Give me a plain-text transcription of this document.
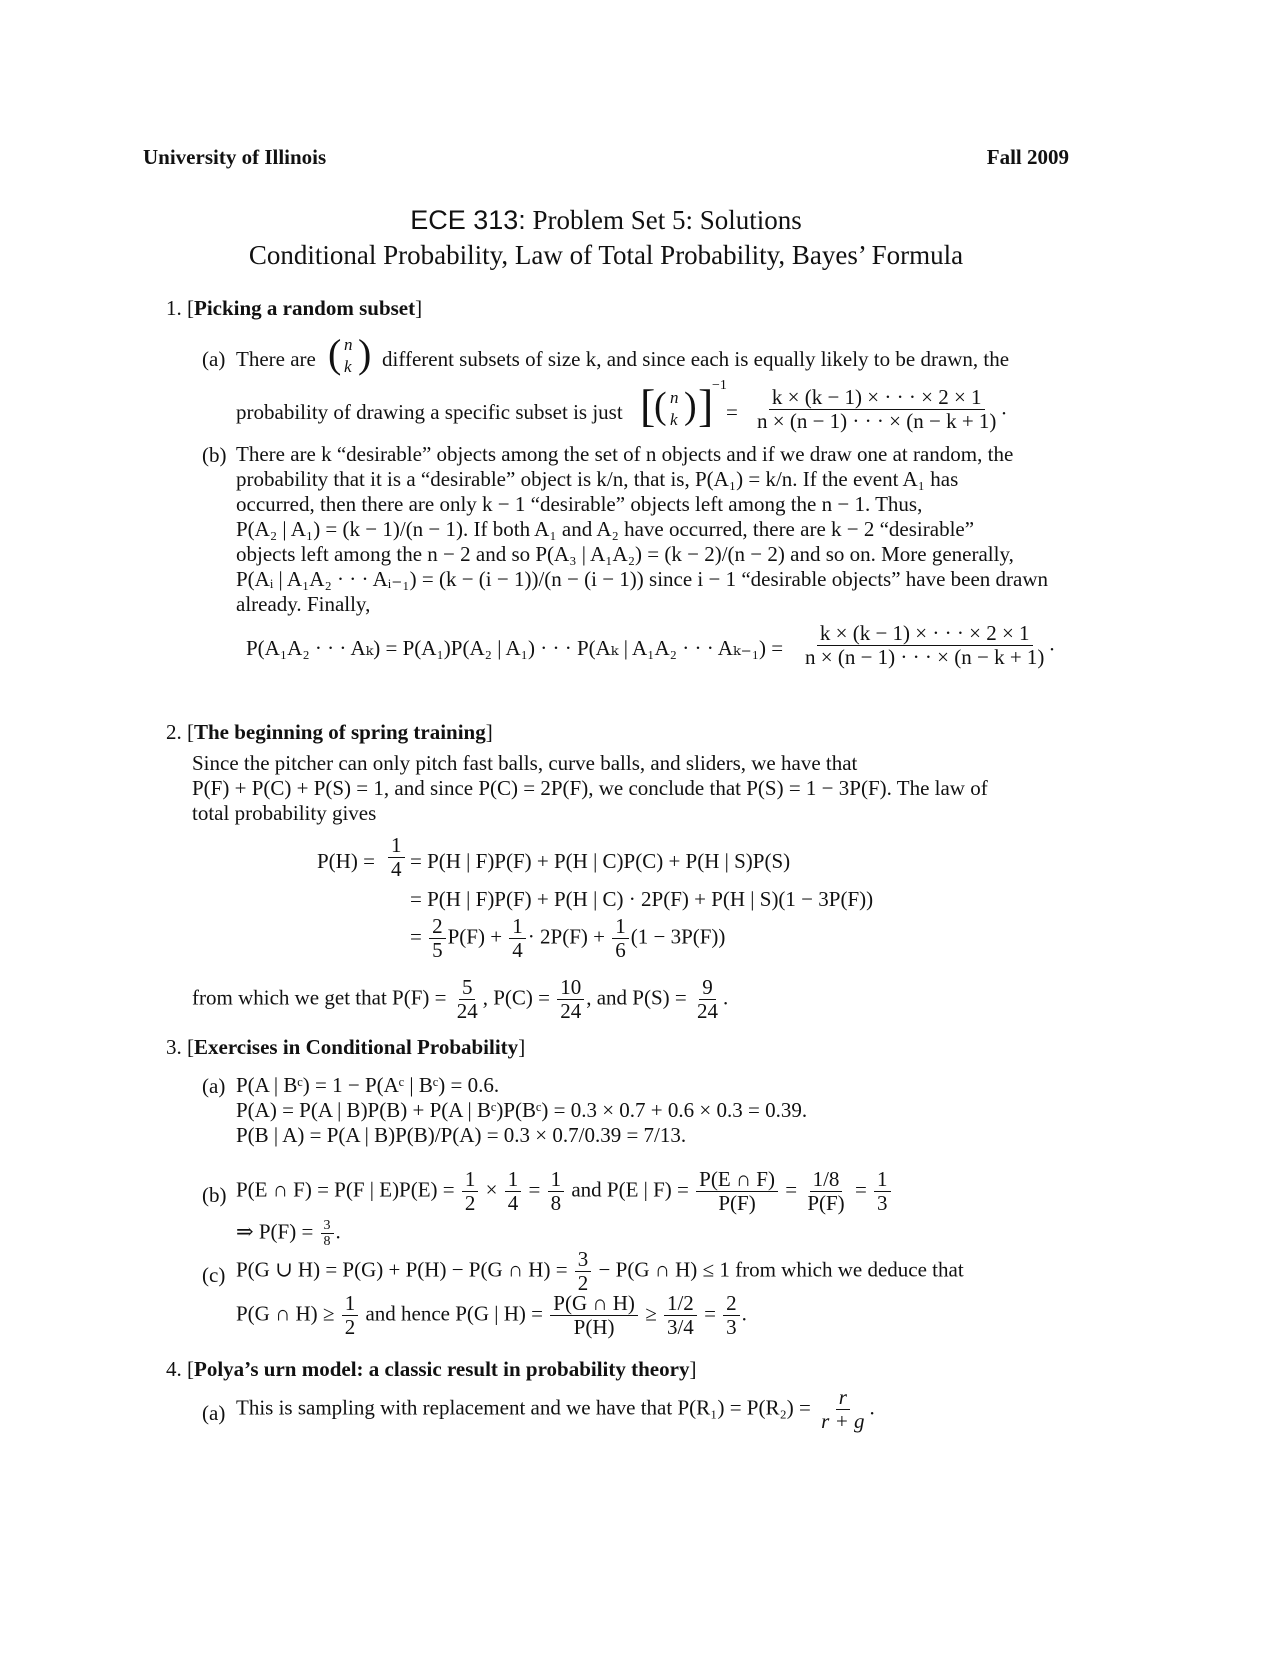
University of Illinois	Fall 2009
ECE 313: Problem Set 5: Solutions
Conditional Probability, Law of Total Probability, Bayes’ Formula
1. [Picking a random subset]
(a) There are ( n
k ) different subsets of size k, and since each is equally likely to be drawn, the
probability of drawing a specific subset is just [
( n
k ) ]
−1
= $\frac{k \times (k - 1) \times \cdot \cdot \cdot \times 2 \times 1}{n \times (n - 1) \cdot \cdot \cdot \times (n - k + 1)}$ .
(b) There are k “desirable” objects among the set of n objects and if we draw one at random, the
probability that it is a “desirable” object is k/n, that is, P(A₁) = k/n. If the event A₁ has
occurred, then there are only k − 1 “desirable” objects left among the n − 1. Thus,
P(A₂ | A₁) = (k − 1)/(n − 1). If both A₁ and A₂ have occurred, there are k − 2 “desirable”
objects left among the n − 2 and so P(A₃ | A₁A₂) = (k − 2)/(n − 2) and so on. More generally,
P(Aᵢ | A₁A₂ · · · Aᵢ₋₁) = (k − (i − 1))/(n − (i − 1)) since i − 1 “desirable objects” have been drawn
already. Finally,
P(A₁A₂ · · · Aₖ) = P(A₁)P(A₂ | A₁) · · · P(Aₖ | A₁A₂ · · · $A_{k-1}) = \frac{k \times (k - 1) \times \cdot \cdot \cdot \times 2 \times 1}{n \times (n - 1) \cdot \cdot \cdot \times (n - k + 1)}$ .
2. [The beginning of spring training]
Since the pitcher can only pitch fast balls, curve balls, and sliders, we have that
P(F) + P(C) + P(S) = 1, and since P(C) = 2P(F), we conclude that P(S) = 1 − 3P(F). The law of
total probability gives
$P(H) = \frac{1}{4} = P(H$ | F)P(F) + P(H | C)P(C) + P(H | S)P(S)
= P(H | F)P(F) + P(H | C) · 2P(F) + P(H | S)(1 − 3P(F))
= $\frac{2}{5} P(F) + \frac{1}{4} \cdot 2P(F) + \frac{1}{6} (1 - 3P(F))$
from which we get that $P(F) = \frac{5}{24}$ , $P(C) = \frac{10}{24}$ , and $P(S) = \frac{9}{24}$ .
3. [Exercises in Conditional Probability]
(a) P(A | Bᶜ) = 1 − P(Aᶜ | Bᶜ) = 0.6.
P(A) = P(A | B)P(B) + P(A | Bᶜ)P(Bᶜ) = 0.3 × 0.7 + 0.6 × 0.3 = 0.39.
P(B | A) = P(A | B)P(B)/P(A) = 0.3 × 0.7/0.39 = 7/13.
(b) P(E ∩ F) = P(F | $E)P(E) = \frac{1}{2} \times \frac{1}{4} = \frac{1}{8}$ and P(E | $F) = \frac{P(E \cap F)}{P(F)} = \frac{1/8}{P(F)} = \frac{1}{3}$
⇒ $P(F) = \frac{3}{8}$ .
(c) P(G ∪ H) = P(G) + P(H) − P(G ∩ $H) = \frac{3}{2} - P(G$ ∩ H) ≤ 1 from which we deduce that
P(G ∩ $H) \ge \frac{1}{2}$ and hence P(G | $H) = \frac{P(G \cap H)}{P(H)} \ge \frac{1/2}{3/4} = \frac{2}{3}$ .
4. [Polya’s urn model: a classic result in probability theory]
(a) This is sampling with replacement and we have that $P(R_1) = P(R_2) = \frac{r}{r + g}$ .
